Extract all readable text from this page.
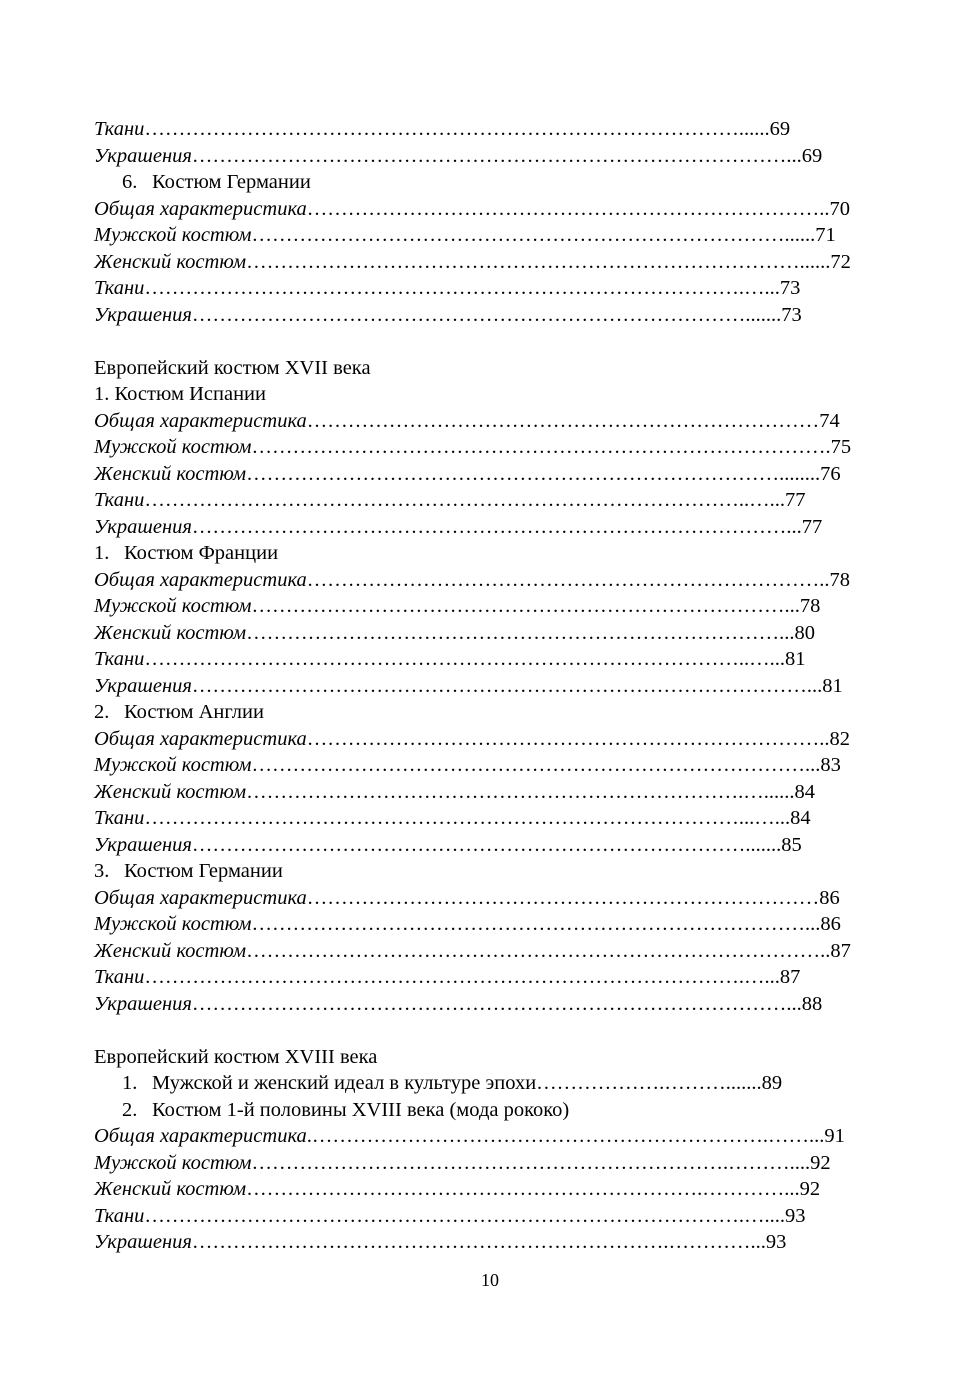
Ткани……………………………………………………………………………......69
Украшения……………………………………………………………………………...69
6. Костюм Германии
Общая характеристика…………………………………………………………………..70
Мужской костюм……………………………………………………………………......71
Женский костюм………………………………………………………………………......72
Ткани…………………………………………………………………………….…...73
Украшения……………………………………………………………………….......73
Европейский костюм XVII века
1. Костюм Испании
Общая характеристика…………………………………………………………………74
Мужской костюм………………………………………………………………………….75
Женский костюм……………………………………………………………………........76
Ткани……………………………………………………………………………..…...77
Украшения……………………………………………………………………………...77
1. Костюм Франции
Общая характеристика…………………………………………………………………..78
Мужской костюм……………………………………………………………………...78
Женский костюм……………………………………………………………………...80
Ткани……………………………………………………………………………..…...81
Украшения………………………………………………………………………………...81
2. Костюм Англии
Общая характеристика…………………………………………………………………..82
Мужской костюм………………………………………………………………………...83
Женский костюм……………………………………………………………….…......84
Ткани……………………………………………………………………………...…...84
Украшения……………………………………………………………………….......85
3. Костюм Германии
Общая характеристика…………………………………………………………………86
Мужской костюм………………………………………………………………………...86
Женский костюм…………………………………………………………………………..87
Ткани…………………………………………………………………………….…...87
Украшения……………………………………………………………………………...88
Европейский костюм XVIII века
1. Мужской и женский идеал в культуре эпохи……………….……….......89
2. Костюм 1-й половины XVIII века (мода рококо)
Общая характеристика.………………………………………………………….……...91
Мужской костюм…………………………………………………………….………....92
Женский костюм………………………………………………………….…………...92
Ткани…………………………………………………………………………….…....93
Украшения…………………………………………………………….…………...93
10
